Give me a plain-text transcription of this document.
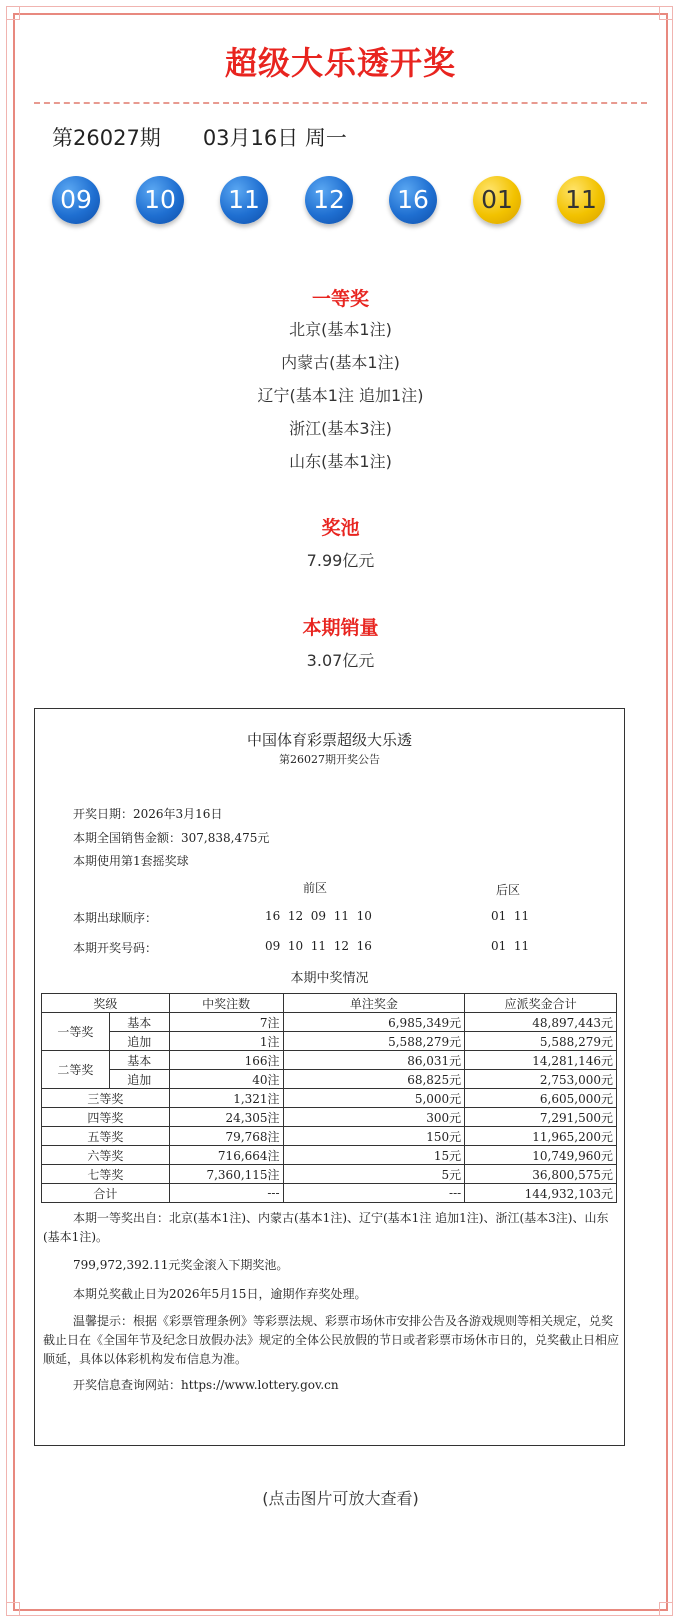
超级大乐透开奖
第26027期 03月16日 周一
09	10	11	12	16	01	11
一等奖
北京(基本1注)
内蒙古(基本1注)
辽宁(基本1注 追加1注)
浙江(基本3注)
山东(基本1注)
奖池
7.99亿元
本期销量
3.07亿元
中国体育彩票超级大乐透
第26027期开奖公告
开奖日期：2026年3月16日
本期全国销售金额：307,838,475元
本期使用第1套摇奖球
前区	后区
本期出球顺序：	16  12  09  11  10	01  11
本期开奖号码：	09  10  11  12  16	01  11
本期中奖情况
奖级		中奖注数	单注奖金	应派奖金合计
一等奖	基本	7注	6,985,349元	48,897,443元
	追加	1注	5,588,279元	5,588,279元
二等奖	基本	166注	86,031元	14,281,146元
	追加	40注	68,825元	2,753,000元
三等奖		1,321注	5,000元	6,605,000元
四等奖		24,305注	300元	7,291,500元
五等奖		79,768注	150元	11,965,200元
六等奖		716,664注	15元	10,749,960元
七等奖		7,360,115注	5元	36,800,575元
合计		---	---	144,932,103元
本期一等奖出自：北京(基本1注)、内蒙古(基本1注)、辽宁(基本1注 追加1注)、浙江(基本3注)、山东(基本1注)。
799,972,392.11元奖金滚入下期奖池。
本期兑奖截止日为2026年5月15日，逾期作弃奖处理。
温馨提示：根据《彩票管理条例》等彩票法规、彩票市场休市安排公告及各游戏规则等相关规定，兑奖截止日在《全国年节及纪念日放假办法》规定的全体公民放假的节日或者彩票市场休市日的，兑奖截止日相应顺延，具体以体彩机构发布信息为准。
开奖信息查询网站：https://www.lottery.gov.cn
(点击图片可放大查看)
